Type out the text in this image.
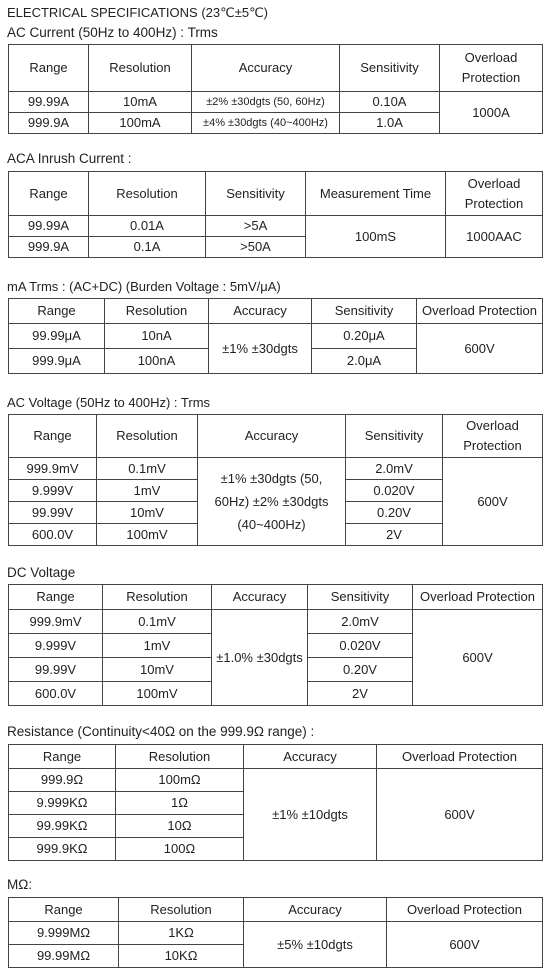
ELECTRICAL SPECIFICATIONS (23℃±5℃)
AC Current (50Hz to 400Hz) : Trms
Range	Resolution	Accuracy	Sensitivity	Overload Protection
99.99A	10mA	±2% ±30dgts (50, 60Hz)	0.10A	1000A
999.9A	100mA	±4% ±30dgts (40~400Hz)	1.0A	
ACA Inrush Current :
Range	Resolution	Sensitivity	Measurement Time	Overload Protection
99.99A	0.01A	>5A	100mS	1000AAC
999.9A	0.1A	>50A		
mA Trms : (AC+DC) (Burden Voltage : 5mV/μA)
Range	Resolution	Accuracy	Sensitivity	Overload Protection
99.99μA	10nA	±1% ±30dgts	0.20μA	600V
999.9μA	100nA		2.0μA	
AC Voltage (50Hz to 400Hz) : Trms
Range	Resolution	Accuracy	Sensitivity	Overload Protection
999.9mV	0.1mV	±1% ±30dgts (50, 60Hz) ±2% ±30dgts (40~400Hz)	2.0mV	600V
9.999V	1mV		0.020V	
99.99V	10mV		0.20V	
600.0V	100mV		2V	
DC Voltage
Range	Resolution	Accuracy	Sensitivity	Overload Protection
999.9mV	0.1mV	±1.0% ±30dgts	2.0mV	600V
9.999V	1mV		0.020V	
99.99V	10mV		0.20V	
600.0V	100mV		2V	
Resistance (Continuity<40Ω on the 999.9Ω range) :
Range	Resolution	Accuracy	Overload Protection
999.9Ω	100mΩ	±1% ±10dgts	600V
9.999KΩ	1Ω		
99.99KΩ	10Ω		
999.9KΩ	100Ω		
MΩ:
Range	Resolution	Accuracy	Overload Protection
9.999MΩ	1KΩ	±5% ±10dgts	600V
99.99MΩ	10KΩ		
